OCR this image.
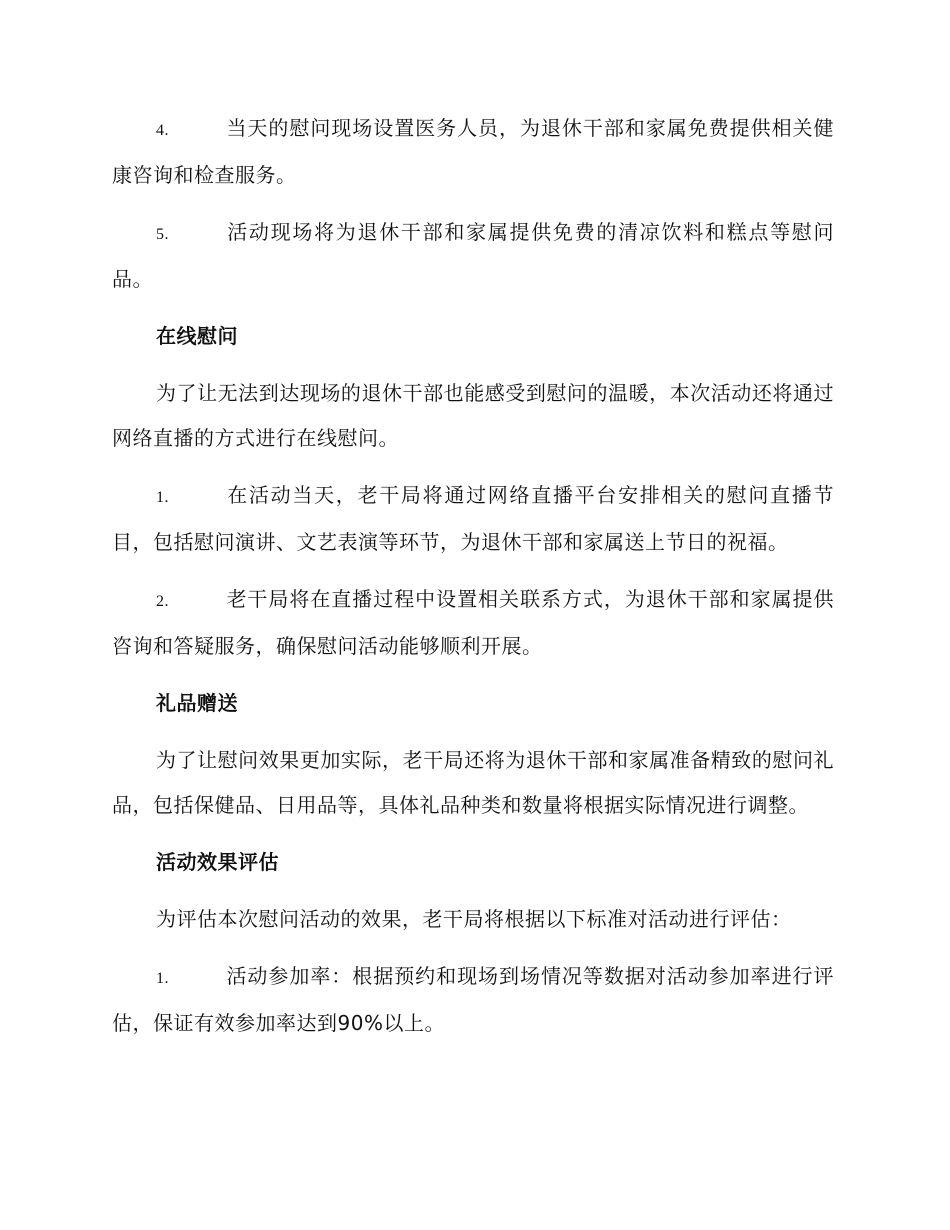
4.	当天的慰问现场设置医务人员，为退休干部和家属免费提供相关健康咨询和检查服务。

5.	活动现场将为退休干部和家属提供免费的清凉饮料和糕点等慰问品。

在线慰问

为了让无法到达现场的退休干部也能感受到慰问的温暖，本次活动还将通过网络直播的方式进行在线慰问。

1.	在活动当天，老干局将通过网络直播平台安排相关的慰问直播节目，包括慰问演讲、文艺表演等环节，为退休干部和家属送上节日的祝福。

2.	老干局将在直播过程中设置相关联系方式，为退休干部和家属提供咨询和答疑服务，确保慰问活动能够顺利开展。

礼品赠送

为了让慰问效果更加实际，老干局还将为退休干部和家属准备精致的慰问礼品，包括保健品、日用品等，具体礼品种类和数量将根据实际情况进行调整。

活动效果评估

为评估本次慰问活动的效果，老干局将根据以下标准对活动进行评估：

1.	活动参加率：根据预约和现场到场情况等数据对活动参加率进行评估，保证有效参加率达到90%以上。
